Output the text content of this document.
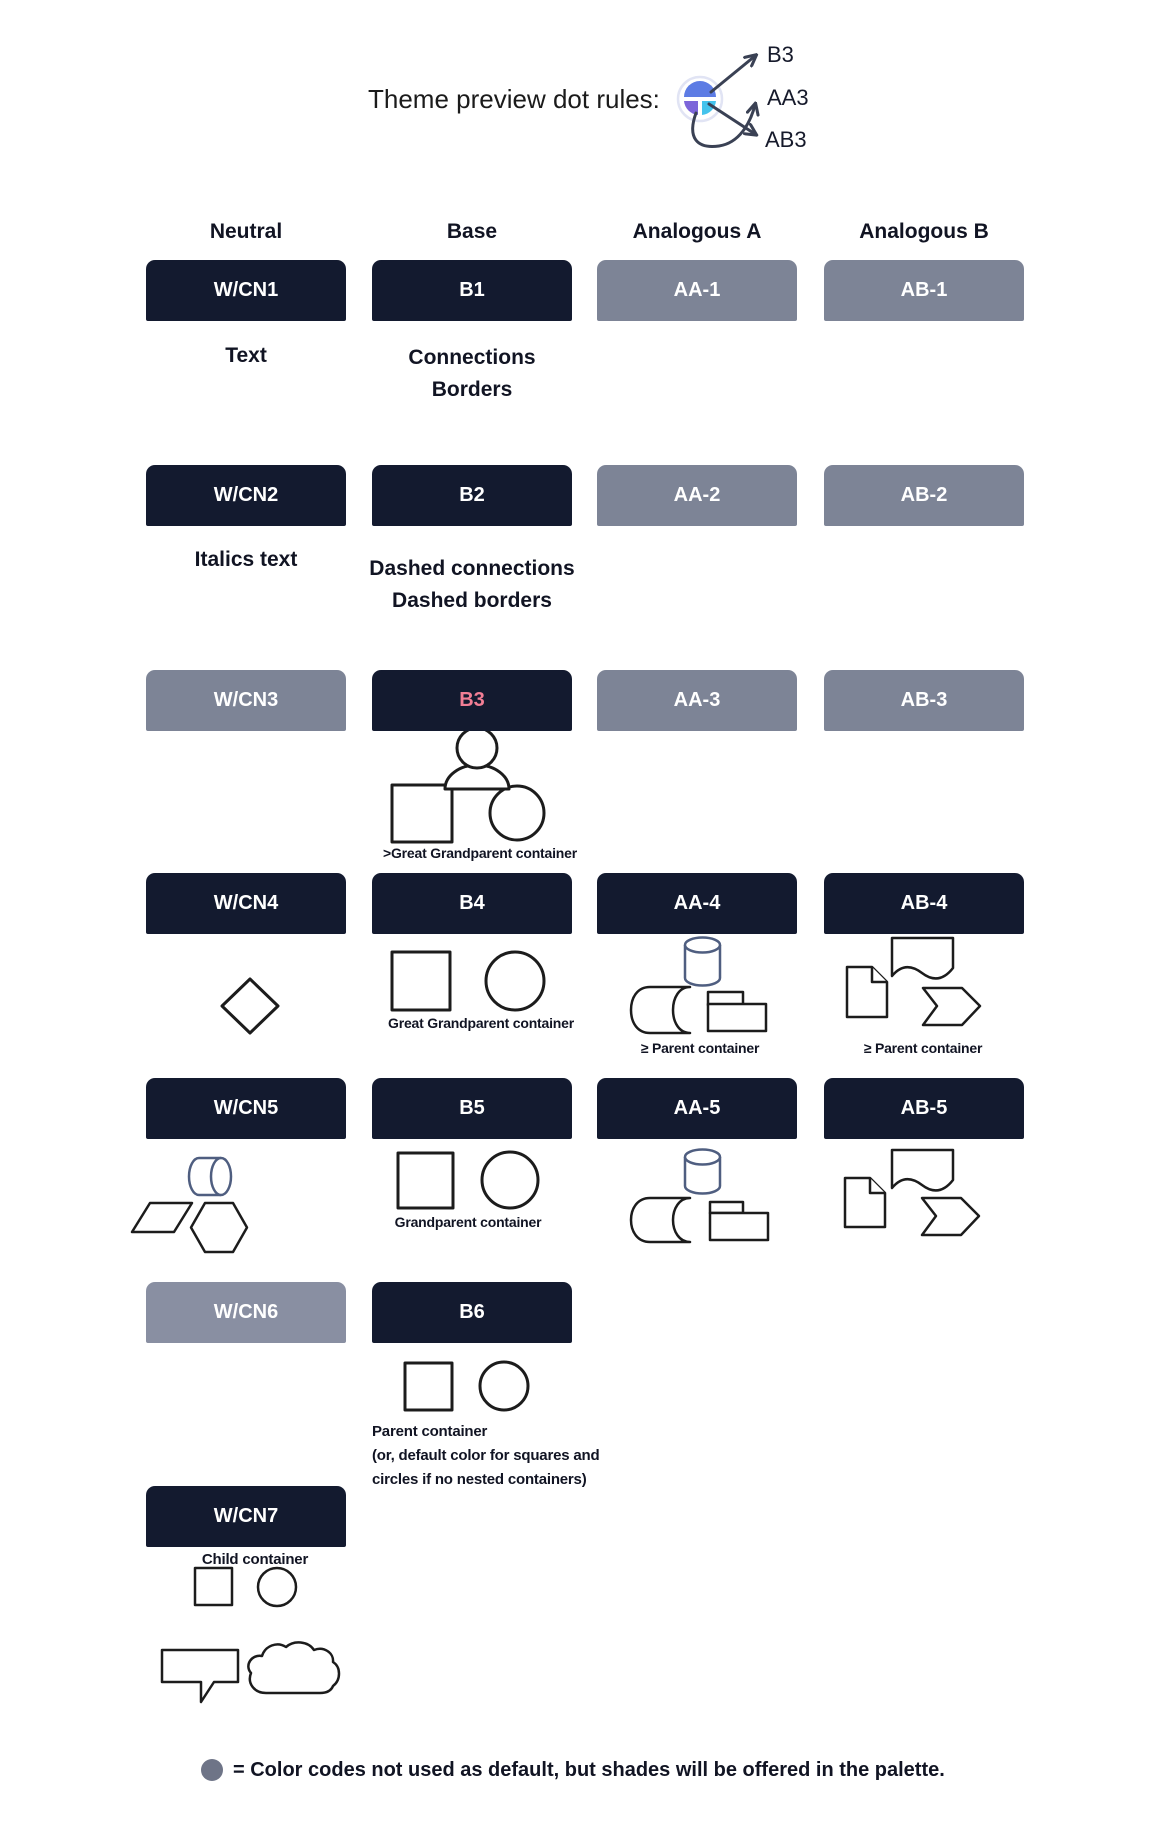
Theme preview dot rules:
B3
AA3
AB3
Neutral	Base	Analogous A	Analogous B
W/CN1	B1	AA-1	AB-1
W/CN2	B2	AA-2	AB-2
W/CN3	B3	AA-3	AB-3
W/CN4	B4	AA-4	AB-4
W/CN5	B5	AA-5	AB-5
W/CN6	B6
W/CN7
Text	Connections
Borders
Italics text	Dashed connections
Dashed borders
>Great Grandparent container
Great Grandparent container
≥ Parent container	≥ Parent container
Grandparent container
Parent container
(or, default color for squares and
circles if no nested containers)
Child container
= Color codes not used as default, but shades will be offered in the palette.
